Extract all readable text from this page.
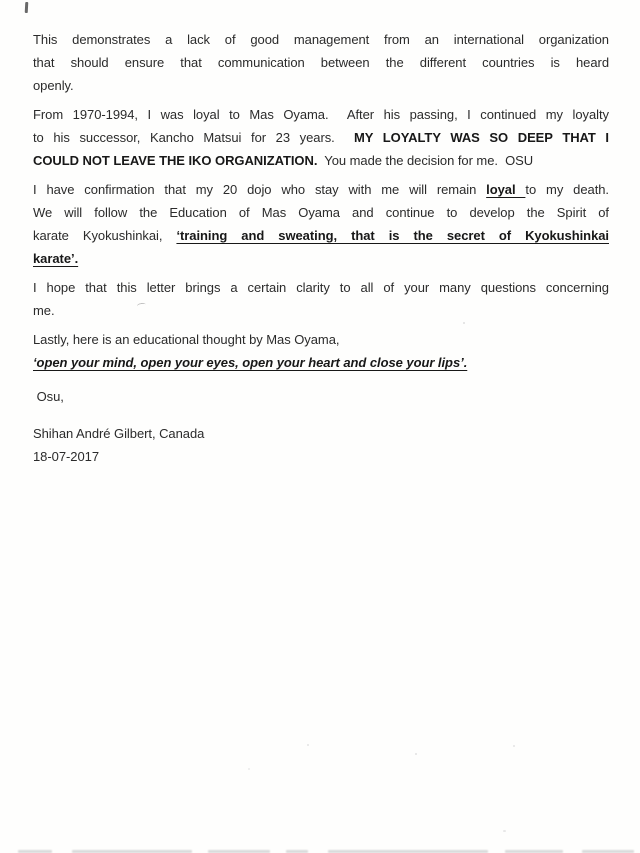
This demonstrates a lack of good management from an international organization
that should ensure that communication between the different countries is heard
openly.
From 1970-1994, I was loyal to Mas Oyama.  After his passing, I continued my loyalty
to his successor, Kancho Matsui for 23 years.  MY LOYALTY WAS SO DEEP THAT I
COULD NOT LEAVE THE IKO ORGANIZATION.  You made the decision for me.  OSU
I have confirmation that my 20 dojo who stay with me will remain loyal to my death.
We will follow the Education of Mas Oyama and continue to develop the Spirit of
karate Kyokushinkai, ‘training and sweating, that is the secret of Kyokushinkai
karate’.
I hope that this letter brings a certain clarity to all of your many questions concerning
me.
Lastly, here is an educational thought by Mas Oyama,
‘open your mind, open your eyes, open your heart and close your lips’.
Osu,
Shihan André Gilbert, Canada
18-07-2017
